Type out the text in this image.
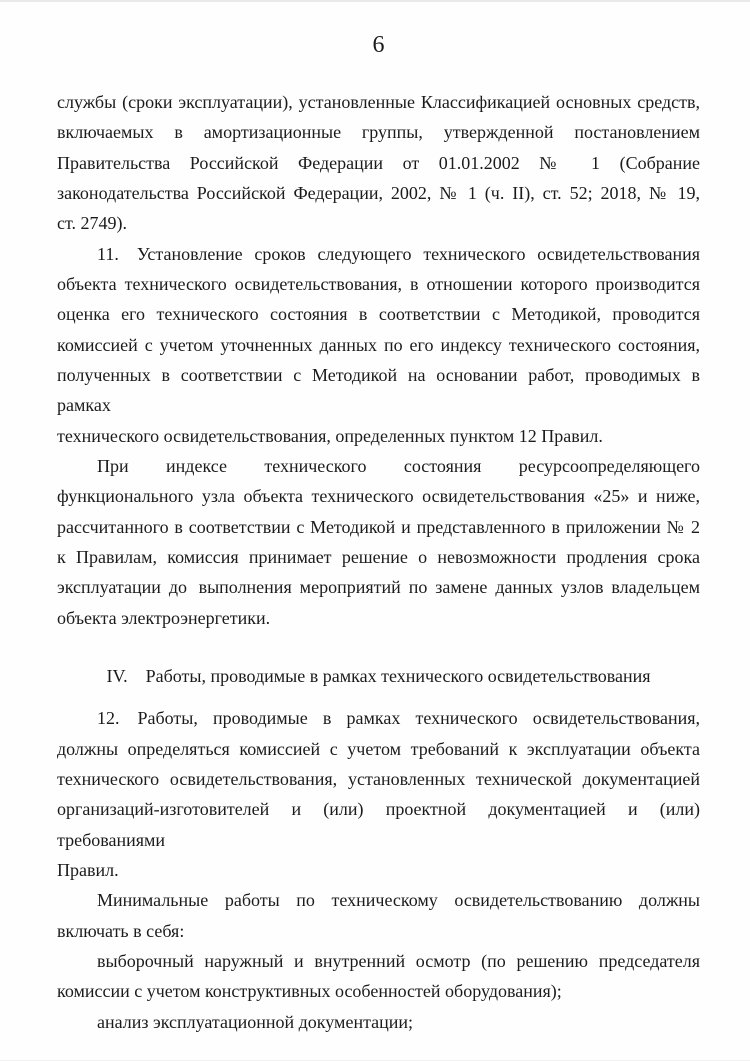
6
службы (сроки эксплуатации), установленные Классификацией основных средств,
включаемых в амортизационные группы, утвержденной постановлением
Правительства Российской Федерации от 01.01.2002 № 1 (Собрание
законодательства Российской Федерации, 2002, № 1 (ч. II), ст. 52; 2018, № 19,
ст. 2749).
11. Установление сроков следующего технического освидетельствования
объекта технического освидетельствования, в отношении которого производится
оценка его технического состояния в соответствии с Методикой, проводится
комиссией с учетом уточненных данных по его индексу технического состояния,
полученных в соответствии с Методикой на основании работ, проводимых в рамках
технического освидетельствования, определенных пунктом 12 Правил.
При индексе технического состояния ресурсоопределяющего
функционального узла объекта технического освидетельствования «25» и ниже,
рассчитанного в соответствии с Методикой и представленного в приложении № 2
к Правилам, комиссия принимает решение о невозможности продления срока
эксплуатации до  выполнения мероприятий по замене данных узлов владельцем
объекта электроэнергетики.
IV. Работы, проводимые в рамках технического освидетельствования
12. Работы, проводимые в рамках технического освидетельствования,
должны определяться комиссией с учетом требований к эксплуатации объекта
технического освидетельствования, установленных технической документацией
организаций-изготовителей и (или) проектной документацией и (или) требованиями
Правил.
Минимальные работы по техническому освидетельствованию должны
включать в себя:
выборочный наружный и внутренний осмотр (по решению председателя
комиссии с учетом конструктивных особенностей оборудования);
анализ эксплуатационной документации;
